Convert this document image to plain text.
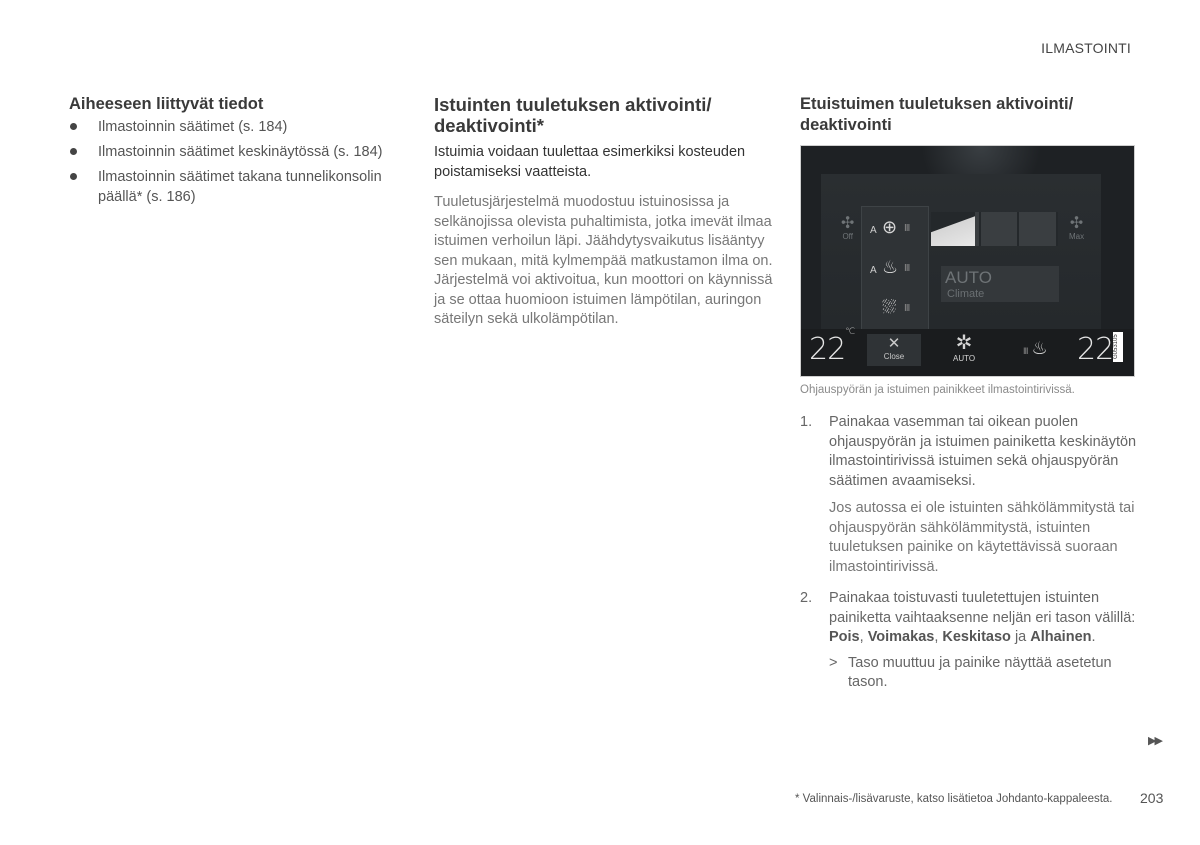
ILMASTOINTI
Aiheeseen liittyvät tiedot
Ilmastoinnin säätimet (s. 184)
Ilmastoinnin säätimet keskinäytössä (s. 184)
Ilmastoinnin säätimet takana tunnelikonsolin päällä* (s. 186)
Istuinten tuuletuksen aktivointi/ deaktivointi*

Istuimia voidaan tuulettaa esimerkiksi kosteuden poistamiseksi vaatteista.

Tuuletusjärjestelmä muodostuu istuinosissa ja selkänojissa olevista puhaltimista, jotka imevät ilmaa istuimen verhoilun läpi. Jäähdytysvaikutus lisääntyy sen mukaan, mitä kylmempää matkustamon ilma on. Järjestelmä voi aktivoitua, kun moottori on käynnissä ja se ottaa huomioon istuimen lämpötilan, auringon säteilyn sekä ulkolämpötilan.

Etuistuimen tuuletuksen aktivointi/ deaktivointi
✣
Off
✣
Max
AUTO
Climate
A ⊕ III
A ♨ III
⛆ III
$22^{^\circ C}$
✕
Close
✲
AUTO
III ♨ 22 G053105

Ohjauspyörän ja istuimen painikkeet ilmastointirivissä.

1. Painakaa vasemman tai oikean puolen ohjauspyörän ja istuimen painiketta keskinäytön ilmastointirivissä istuimen sekä ohjauspyörän säätimen avaamiseksi.

Jos autossa ei ole istuinten sähkölämmitystä tai ohjauspyörän sähkölämmitystä, istuinten tuuletuksen painike on käytettävissä suoraan ilmastointirivissä.

2. Painakaa toistuvasti tuuletettujen istuinten painiketta vaihtaaksenne neljän eri tason välillä: Pois, Voimakas, Keskitaso ja Alhainen.

> Taso muuttuu ja painike näyttää asetetun tason.
▶▶
* Valinnais-/lisävaruste, katso lisätietoa Johdanto-kappaleesta. 203
